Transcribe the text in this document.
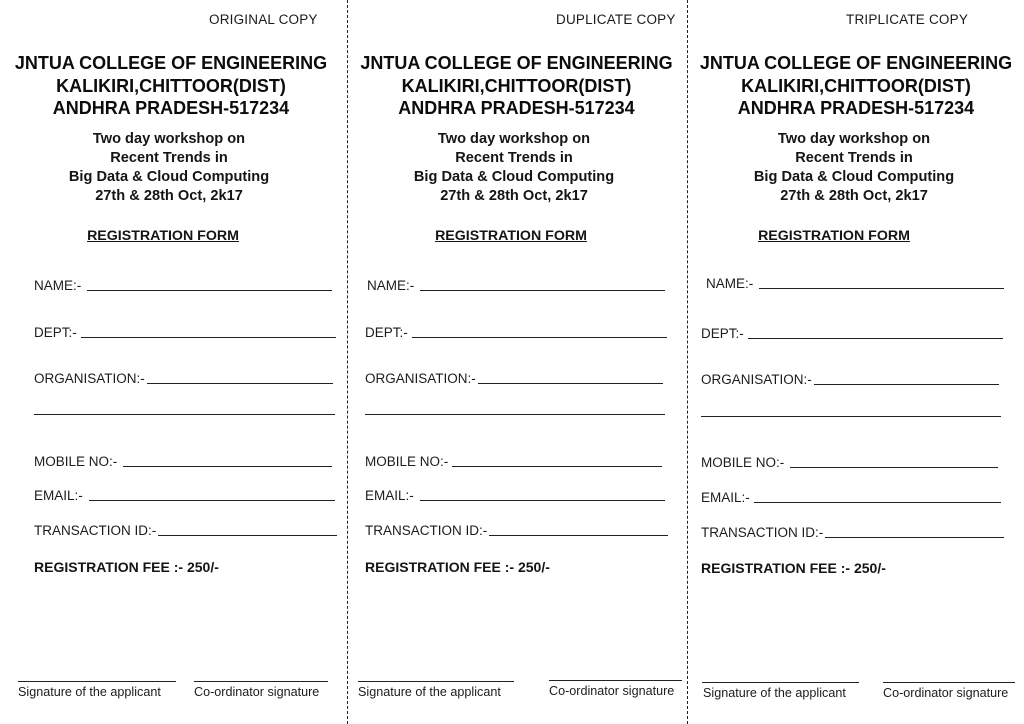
ORIGINAL COPY
JNTUA COLLEGE OF ENGINEERING
KALIKIRI,CHITTOOR(DIST)
ANDHRA PRADESH-517234
Two day workshop on
Recent Trends in
Big Data & Cloud Computing
27th & 28th Oct, 2k17
REGISTRATION FORM
NAME:-
DEPT:-
ORGANISATION:-
MOBILE NO:-
EMAIL:-
TRANSACTION ID:-
REGISTRATION FEE :- 250/-
Signature of the applicant	Co-ordinator signature
DUPLICATE COPY
JNTUA COLLEGE OF ENGINEERING
KALIKIRI,CHITTOOR(DIST)
ANDHRA PRADESH-517234
Two day workshop on
Recent Trends in
Big Data & Cloud Computing
27th & 28th Oct, 2k17
REGISTRATION FORM
NAME:-
DEPT:-
ORGANISATION:-
MOBILE NO:-
EMAIL:-
TRANSACTION ID:-
REGISTRATION FEE :- 250/-
Signature of the applicant	Co-ordinator signature
TRIPLICATE COPY
JNTUA COLLEGE OF ENGINEERING
KALIKIRI,CHITTOOR(DIST)
ANDHRA PRADESH-517234
Two day workshop on
Recent Trends in
Big Data & Cloud Computing
27th & 28th Oct, 2k17
REGISTRATION FORM
NAME:-
DEPT:-
ORGANISATION:-
MOBILE NO:-
EMAIL:-
TRANSACTION ID:-
REGISTRATION FEE :- 250/-
Signature of the applicant	Co-ordinator signature
